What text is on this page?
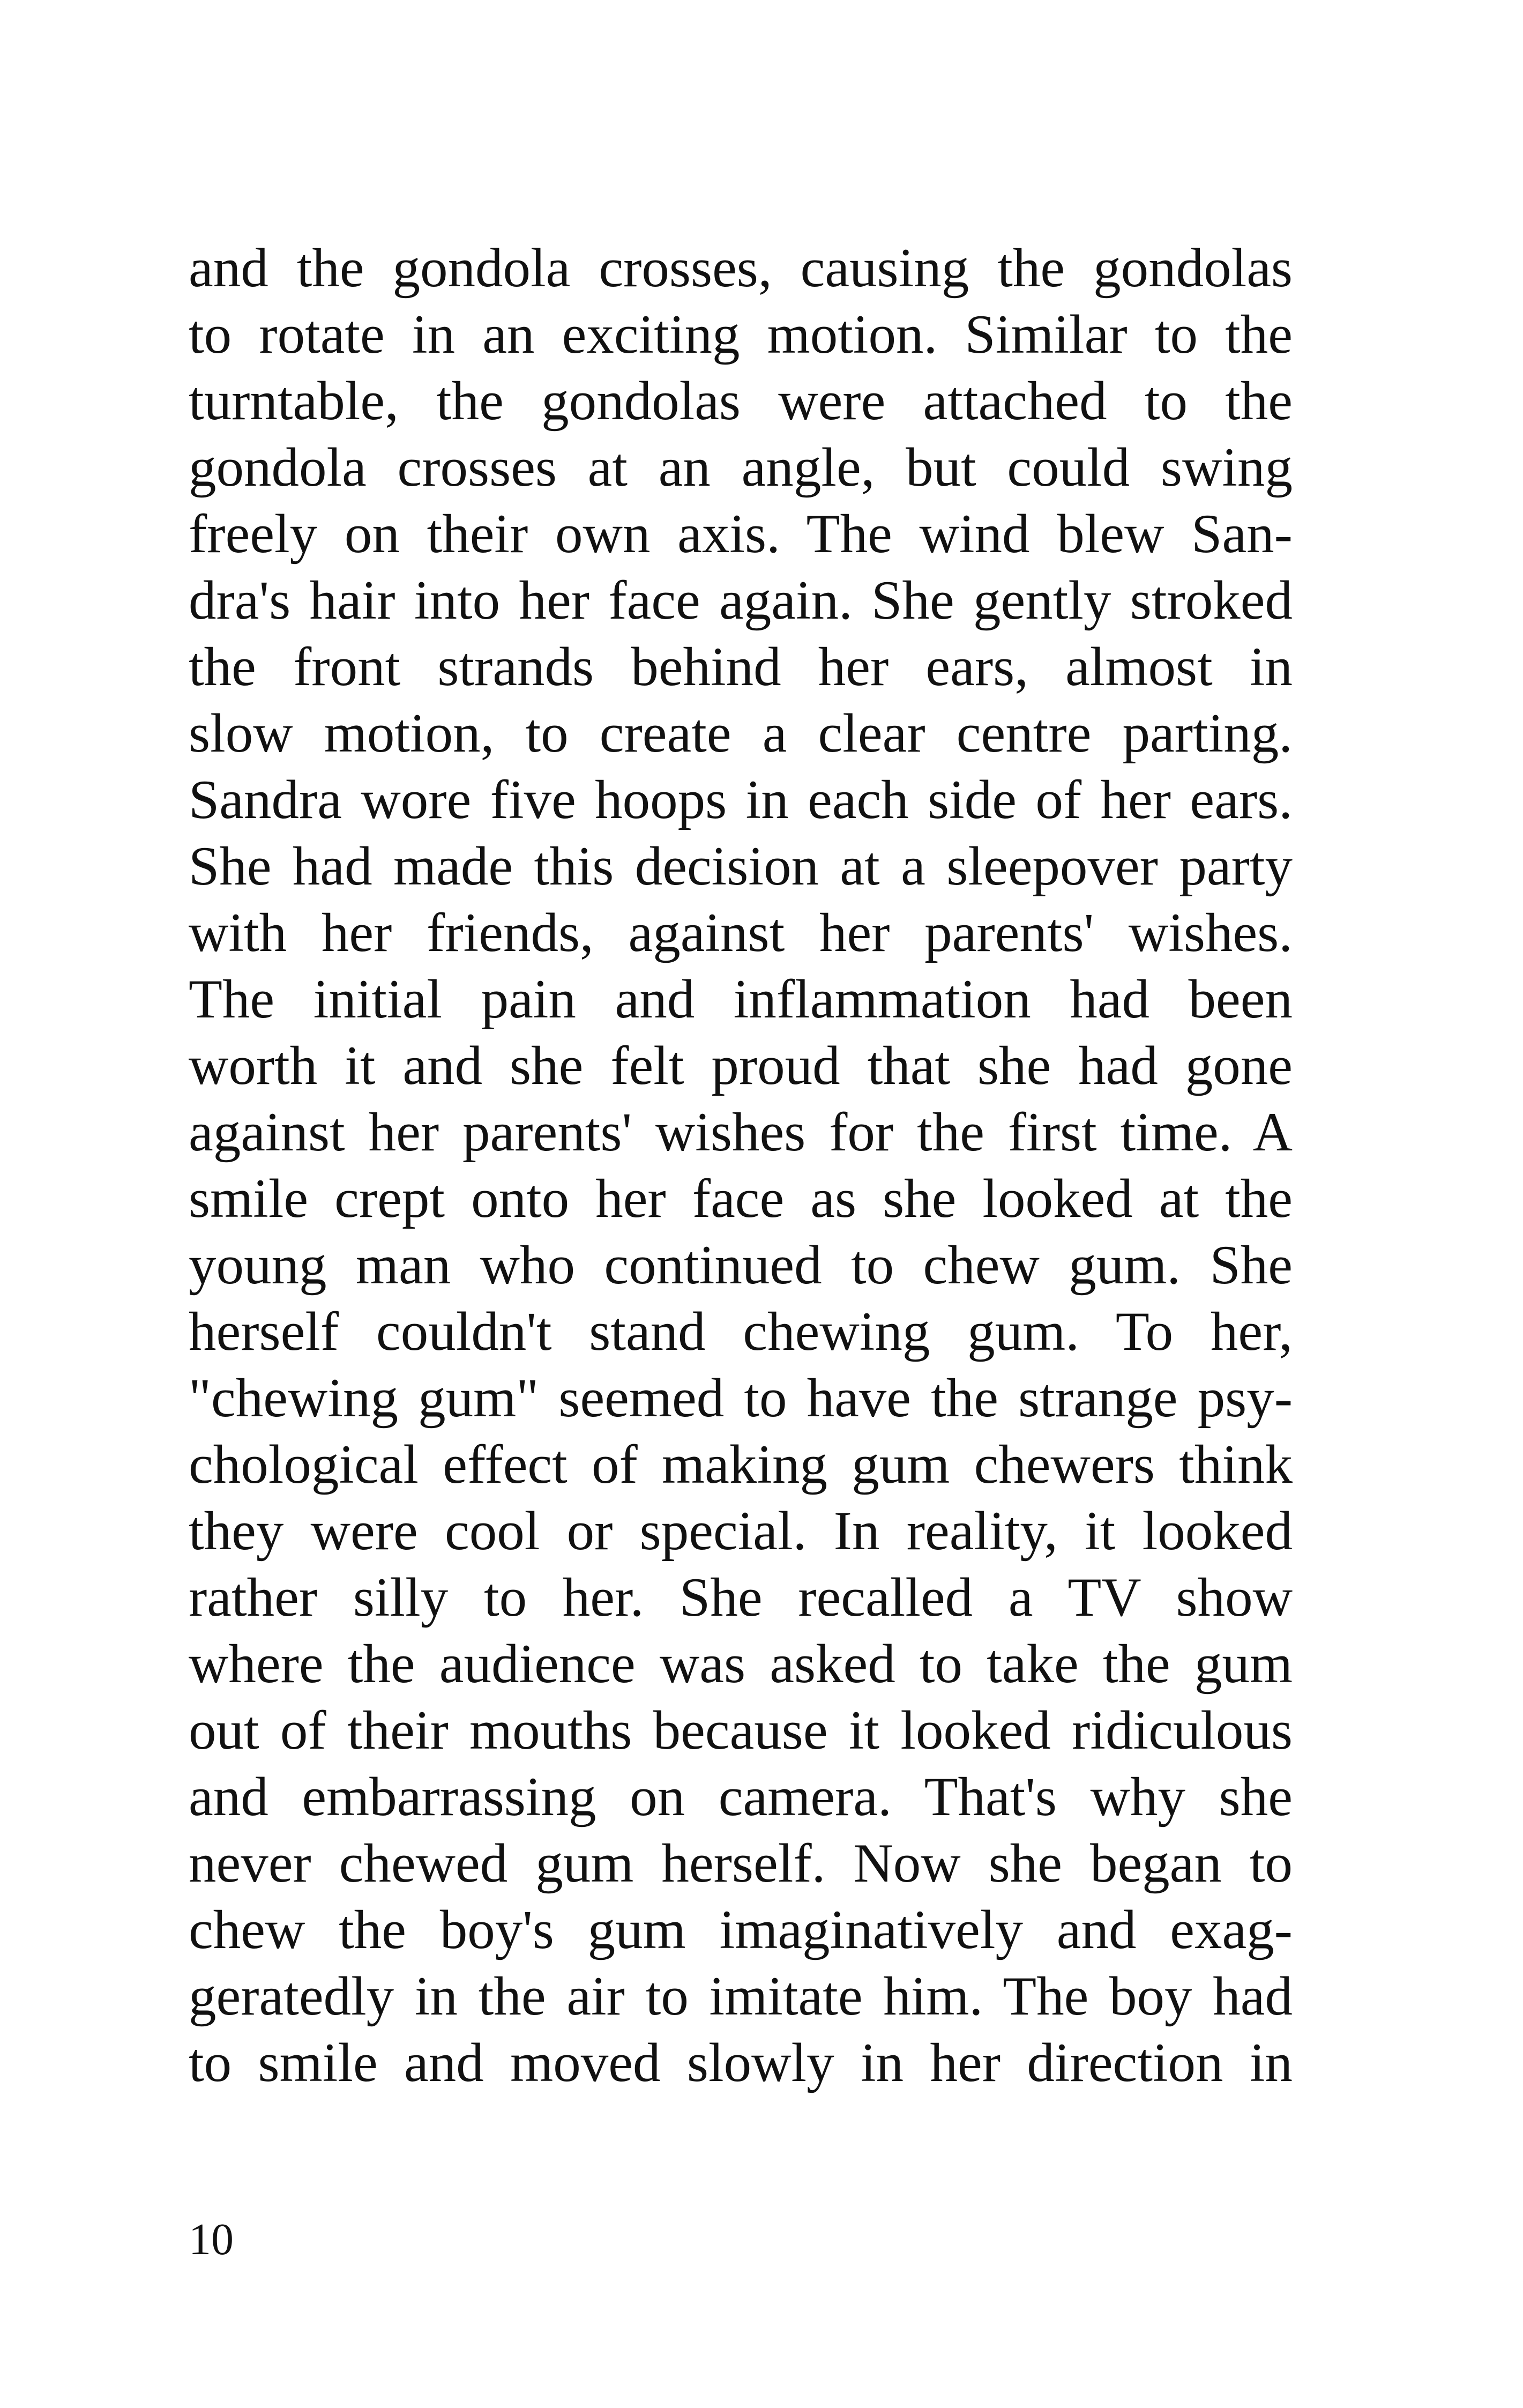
and the gondola crosses, causing the gondolas
to rotate in an exciting motion. Similar to the
turntable, the gondolas were attached to the
gondola crosses at an angle, but could swing
freely on their own axis. The wind blew San-
dra's hair into her face again. She gently stroked
the front strands behind her ears, almost in
slow motion, to create a clear centre parting.
Sandra wore five hoops in each side of her ears.
She had made this decision at a sleepover party
with her friends, against her parents' wishes.
The initial pain and inflammation had been
worth it and she felt proud that she had gone
against her parents' wishes for the first time. A
smile crept onto her face as she looked at the
young man who continued to chew gum. She
herself couldn't stand chewing gum. To her,
"chewing gum" seemed to have the strange psy-
chological effect of making gum chewers think
they were cool or special. In reality, it looked
rather silly to her. She recalled a TV show
where the audience was asked to take the gum
out of their mouths because it looked ridiculous
and embarrassing on camera. That's why she
never chewed gum herself. Now she began to
chew the boy's gum imaginatively and exag-
geratedly in the air to imitate him. The boy had
to smile and moved slowly in her direction in
10
